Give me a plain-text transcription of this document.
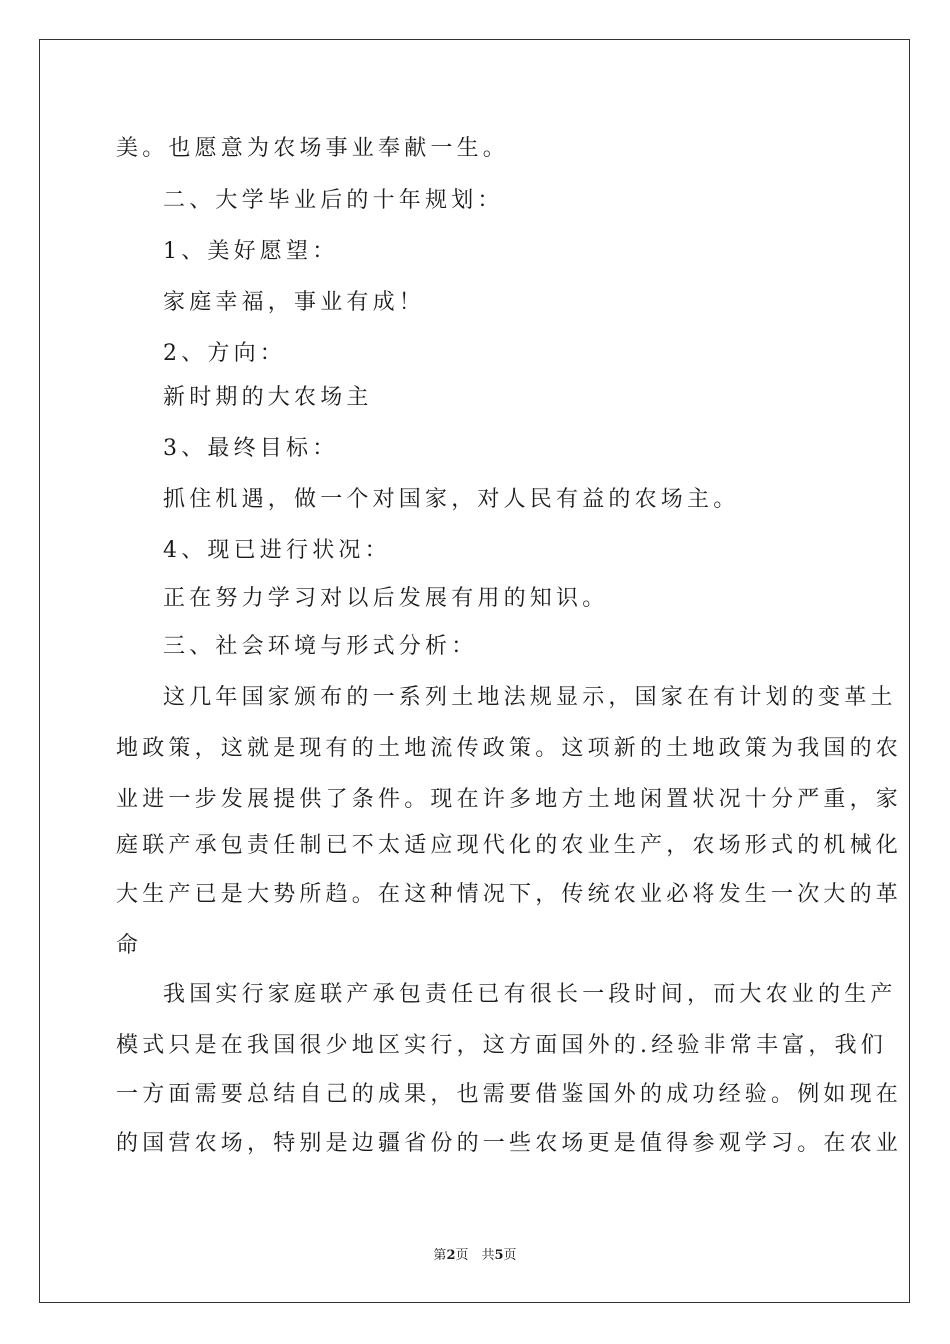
美。也愿意为农场事业奉献一生。
二、大学毕业后的十年规划：
1、美好愿望：
家庭幸福，事业有成！
2、方向：
新时期的大农场主
3、最终目标：
抓住机遇，做一个对国家，对人民有益的农场主。
4、现已进行状况：
正在努力学习对以后发展有用的知识。
三、社会环境与形式分析：
这几年国家颁布的一系列土地法规显示，国家在有计划的变革土
地政策，这就是现有的土地流传政策。这项新的土地政策为我国的农
业进一步发展提供了条件。现在许多地方土地闲置状况十分严重，家
庭联产承包责任制已不太适应现代化的农业生产，农场形式的机械化
大生产已是大势所趋。在这种情况下，传统农业必将发生一次大的革
命
我国实行家庭联产承包责任已有很长一段时间，而大农业的生产
模式只是在我国很少地区实行，这方面国外的.经验非常丰富，我们
一方面需要总结自己的成果，也需要借鉴国外的成功经验。例如现在
的国营农场，特别是边疆省份的一些农场更是值得参观学习。在农业
第2页　共5页
